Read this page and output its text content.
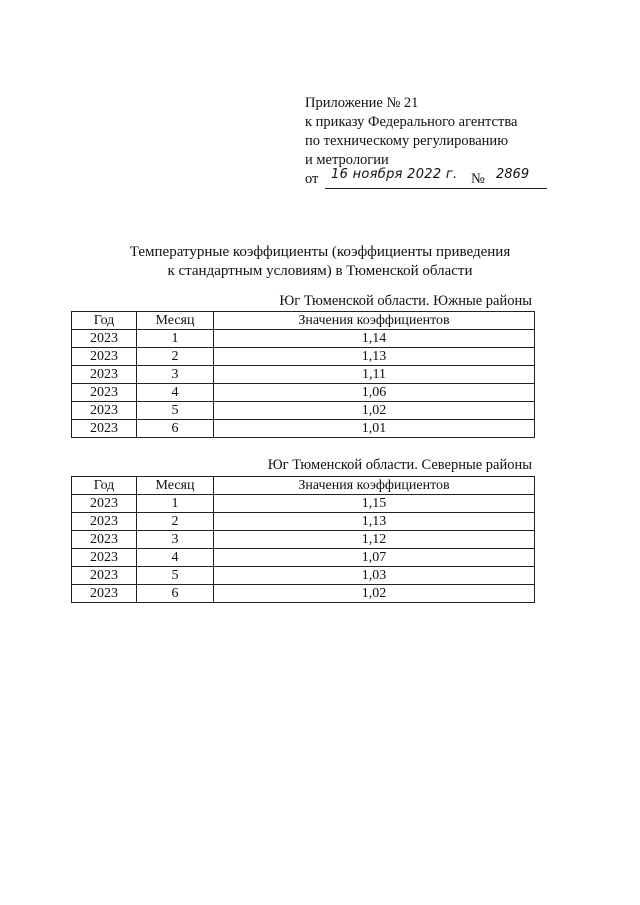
Приложение № 21
к приказу Федерального агентства
по техническому регулированию
и метрологии
от 16 ноября 2022 г. № 2869
Температурные коэффициенты (коэффициенты приведения
к стандартным условиям) в Тюменской области
Юг Тюменской области. Южные районы
Год	Месяц	Значения коэффициентов
2023	1	1,14
2023	2	1,13
2023	3	1,11
2023	4	1,06
2023	5	1,02
2023	6	1,01
Юг Тюменской области. Северные районы
Год	Месяц	Значения коэффициентов
2023	1	1,15
2023	2	1,13
2023	3	1,12
2023	4	1,07
2023	5	1,03
2023	6	1,02
